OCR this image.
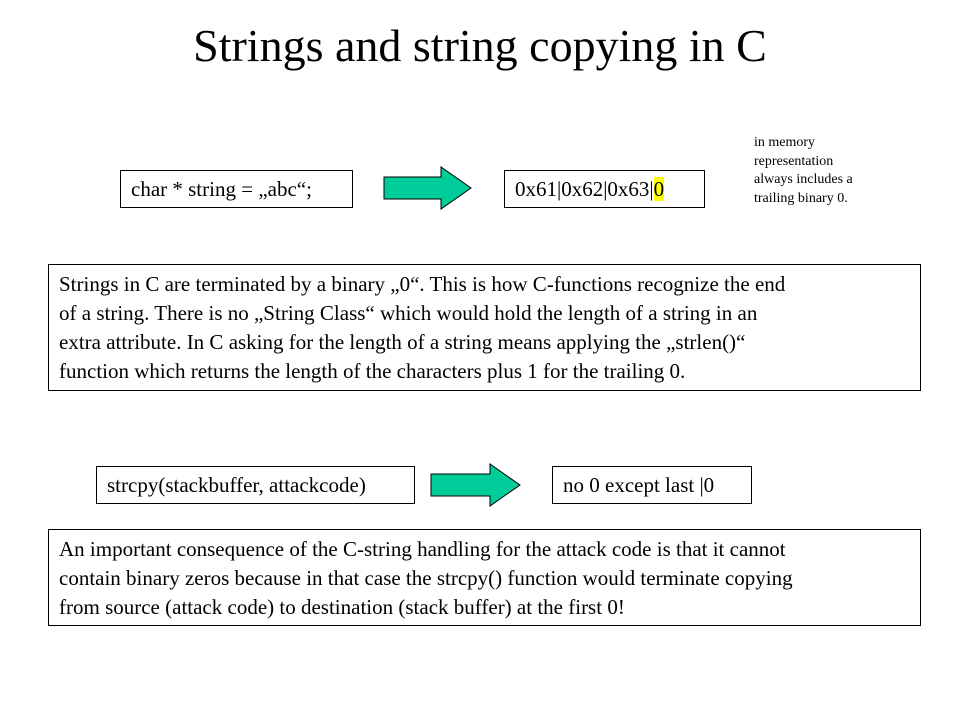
Strings and string copying in C
char * string = „abc“;	0x61|0x62|0x63|0
in memory
representation
always includes a
trailing binary 0.
Strings in C are terminated by a binary „0“. This is how C-functions recognize the end
of a string. There is no „String Class“ which would hold the length of a string in an
extra attribute. In C asking for the length of a string means applying the „strlen()“
function which returns the length of the characters plus 1 for the trailing 0.
strcpy(stackbuffer, attackcode)	no 0 except last |0
An important consequence of the C-string handling for the attack code is that it cannot
contain binary zeros because in that case the strcpy() function would terminate copying
from source (attack code) to destination (stack buffer) at the first 0!
